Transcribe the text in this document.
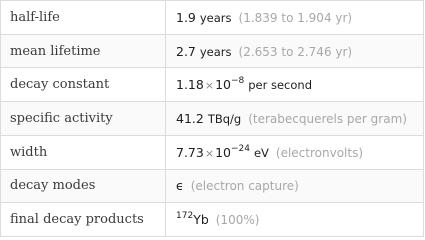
half-life	1.9 years (1.839 to 1.904 yr)
mean lifetime	2.7 years (2.653 to 2.746 yr)
decay constant	$1.18\times 10^{-8}$ per second
specific activity	41.2 TBq/g (terabecquerels per gram)
width	$7.73\times 10^{-24}$ eV (electronvolts)
decay modes	ϵ (electron capture)
final decay products	$^{172}$Yb (100%)
